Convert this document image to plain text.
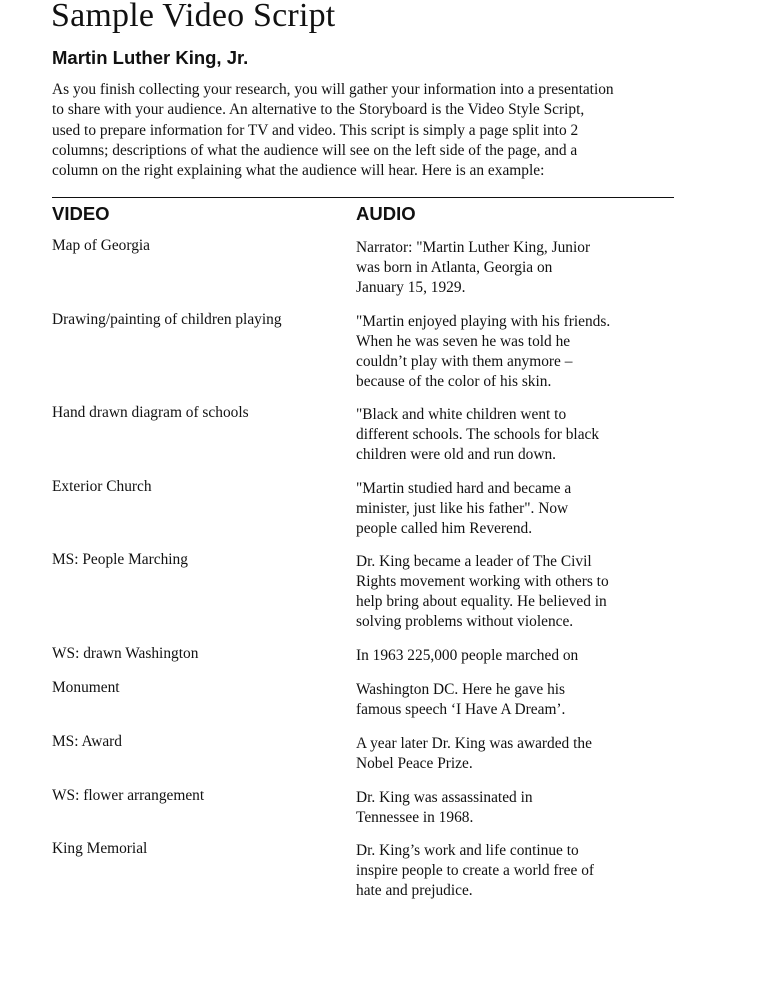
Sample Video Script
Martin Luther King, Jr.

As you finish collecting your research, you will gather your information into a presentation
to share with your audience. An alternative to the Storyboard is the Video Style Script,
used to prepare information for TV and video. This script is simply a page split into 2
columns; descriptions of what the audience will see on the left side of the page, and a
column on the right explaining what the audience will hear. Here is an example:

VIDEO	AUDIO
Map of Georgia	Narrator: "Martin Luther King, Junior
was born in Atlanta, Georgia on
January 15, 1929.
Drawing/painting of children playing	"Martin enjoyed playing with his friends.
When he was seven he was told he
couldn’t play with them anymore –
because of the color of his skin.
Hand drawn diagram of schools	"Black and white children went to
different schools. The schools for black
children were old and run down.
Exterior Church	"Martin studied hard and became a
minister, just like his father". Now
people called him Reverend.
MS: People Marching	Dr. King became a leader of The Civil
Rights movement working with others to
help bring about equality. He believed in
solving problems without violence.
WS: drawn Washington	In 1963 225,000 people marched on
Monument	Washington DC. Here he gave his
famous speech ‘I Have A Dream’.
MS: Award	A year later Dr. King was awarded the
Nobel Peace Prize.
WS: flower arrangement	Dr. King was assassinated in
Tennessee in 1968.
King Memorial	Dr. King’s work and life continue to
inspire people to create a world free of
hate and prejudice.
